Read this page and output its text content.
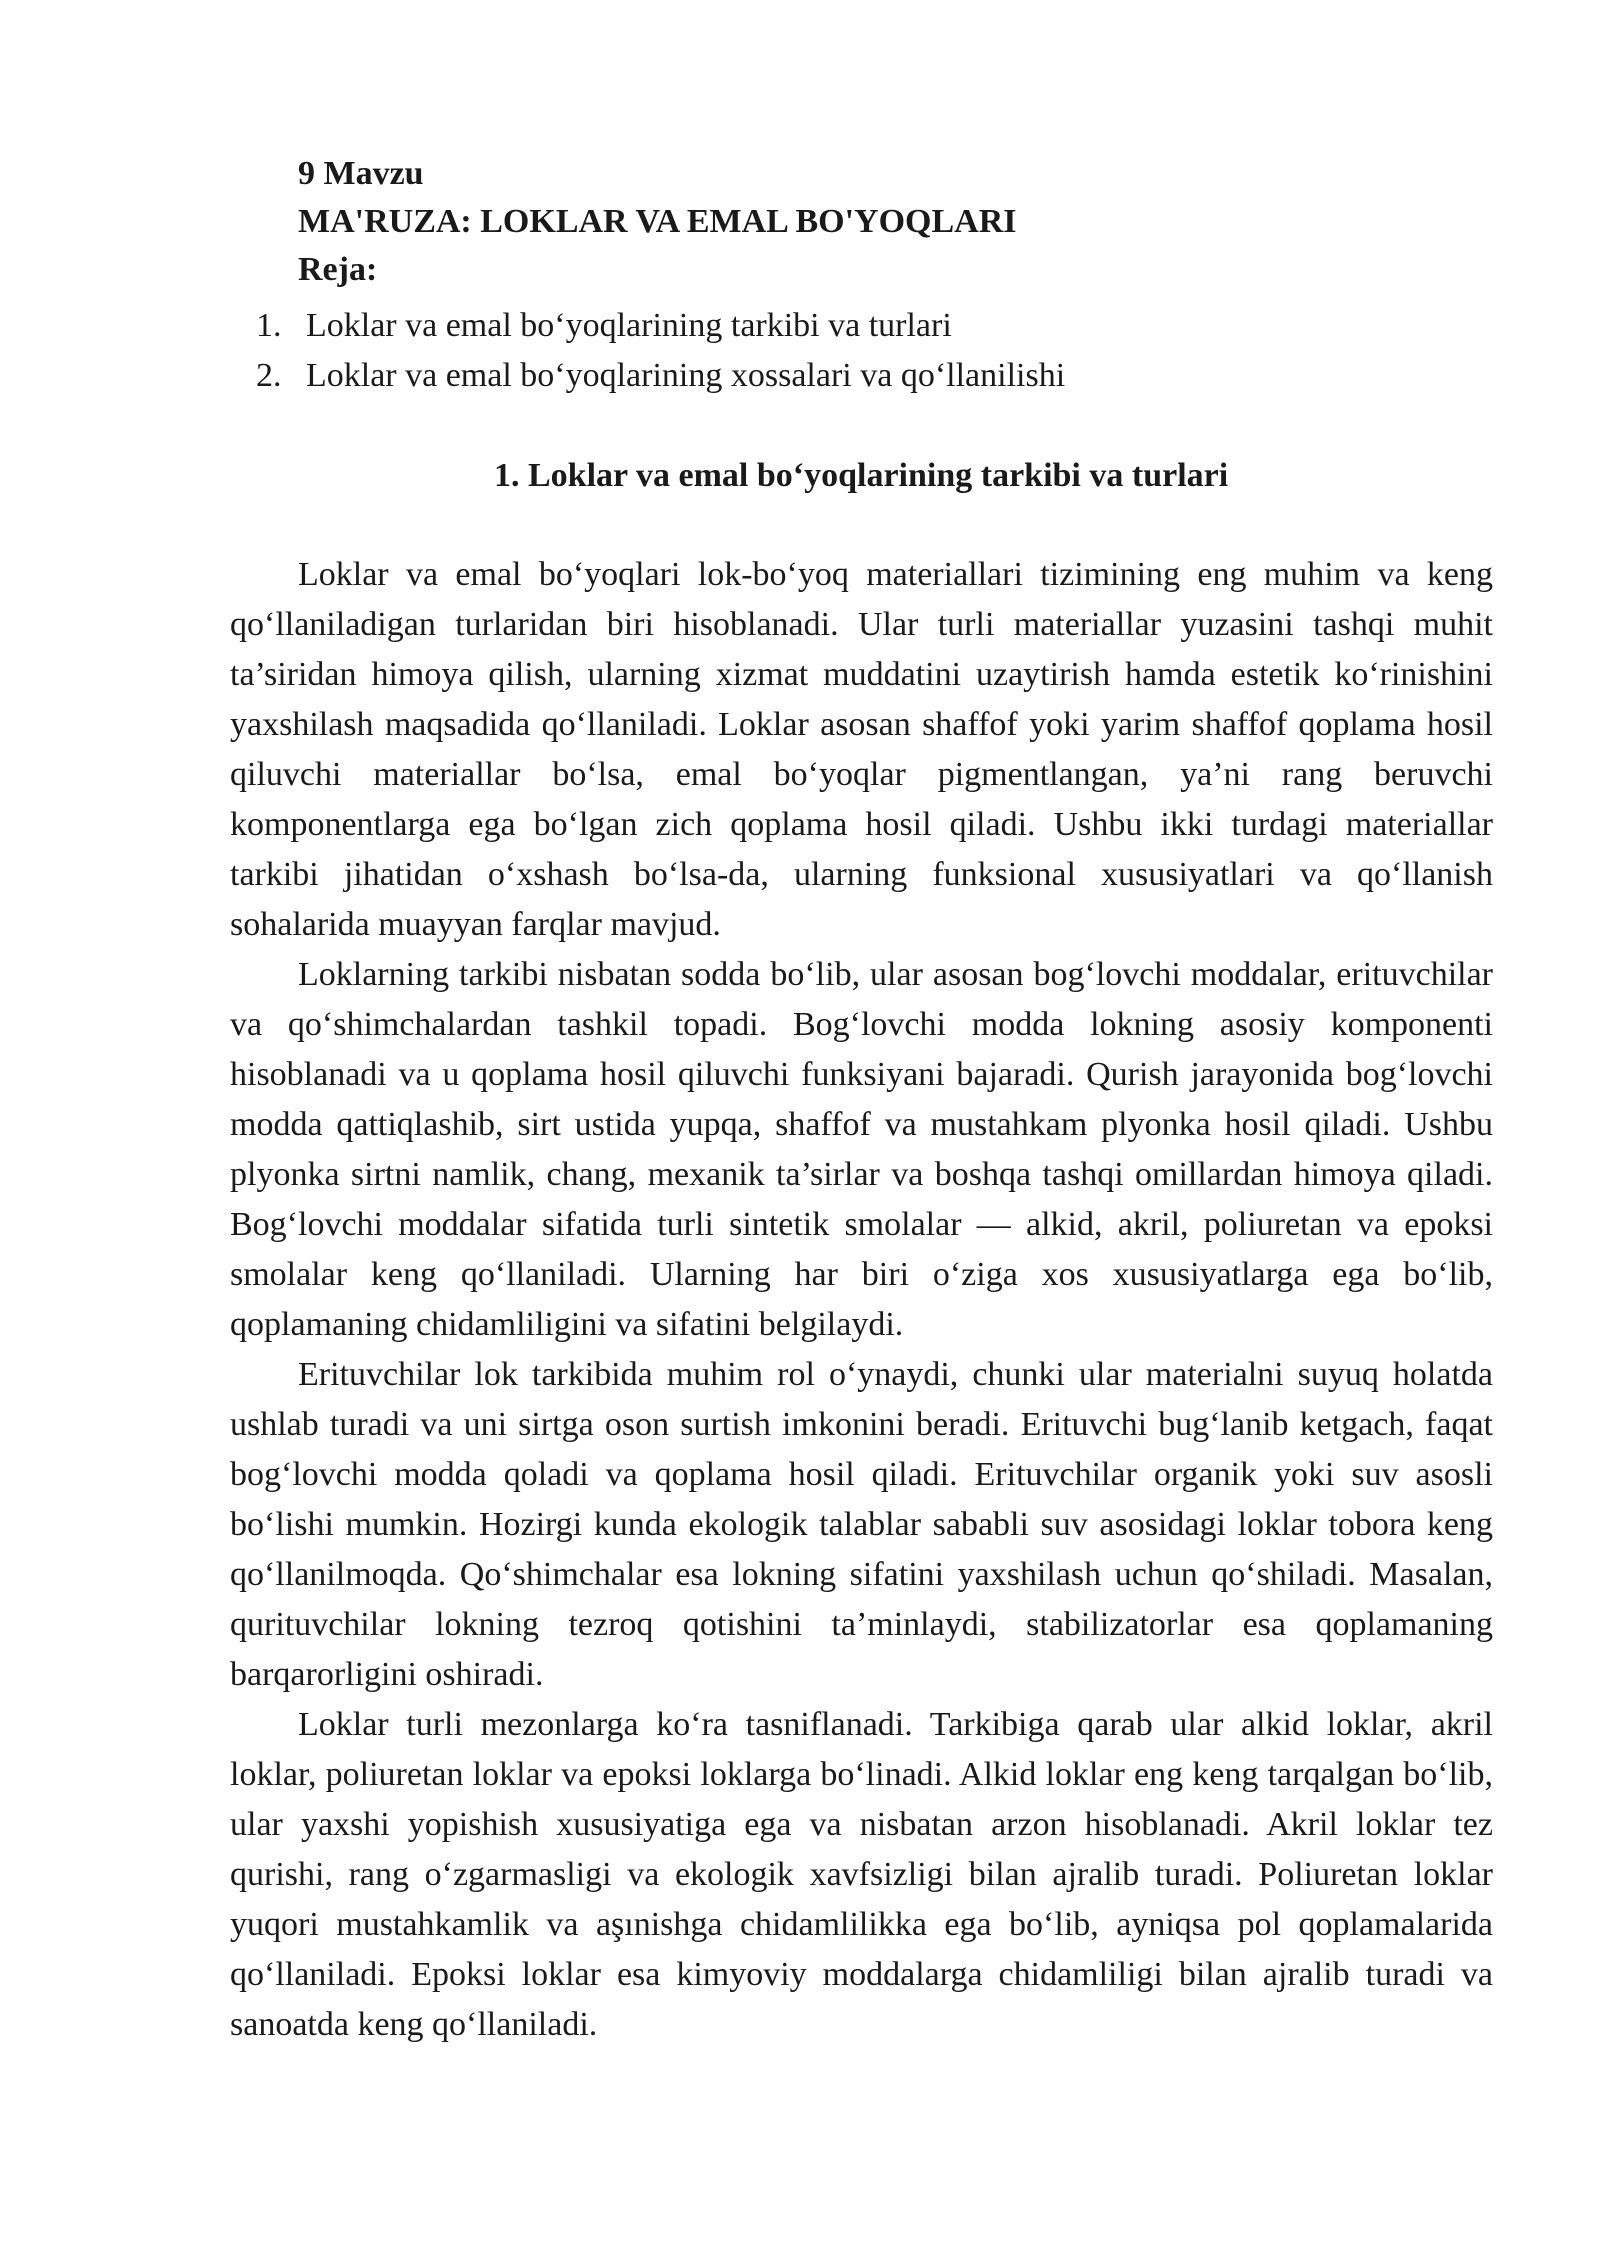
9 Mavzu
MA'RUZA: LOKLAR VA EMAL BO'YOQLARI
Reja:
1. Loklar va emal bo‘yoqlarining tarkibi va turlari
2. Loklar va emal bo‘yoqlarining xossalari va qo‘llanilishi
1. Loklar va emal bo‘yoqlarining tarkibi va turlari

Loklar va emal bo‘yoqlari lok-bo‘yoq materiallari tizimining eng muhim va keng qo‘llaniladigan turlaridan biri hisoblanadi. Ular turli materiallar yuzasini tashqi muhit ta’siridan himoya qilish, ularning xizmat muddatini uzaytirish hamda estetik ko‘rinishini yaxshilash maqsadida qo‘llaniladi. Loklar asosan shaffof yoki yarim shaffof qoplama hosil qiluvchi materiallar bo‘lsa, emal bo‘yoqlar pigmentlangan, ya’ni rang beruvchi komponentlarga ega bo‘lgan zich qoplama hosil qiladi. Ushbu ikki turdagi materiallar tarkibi jihatidan o‘xshash bo‘lsa-da, ularning funksional xususiyatlari va qo‘llanish sohalarida muayyan farqlar mavjud.

Loklarning tarkibi nisbatan sodda bo‘lib, ular asosan bog‘lovchi moddalar, erituvchilar va qo‘shimchalardan tashkil topadi. Bog‘lovchi modda lokning asosiy komponenti hisoblanadi va u qoplama hosil qiluvchi funksiyani bajaradi. Qurish jarayonida bog‘lovchi modda qattiqlashib, sirt ustida yupqa, shaffof va mustahkam plyonka hosil qiladi. Ushbu plyonka sirtni namlik, chang, mexanik ta’sirlar va boshqa tashqi omillardan himoya qiladi. Bog‘lovchi moddalar sifatida turli sintetik smolalar — alkid, akril, poliuretan va epoksi smolalar keng qo‘llaniladi. Ularning har biri o‘ziga xos xususiyatlarga ega bo‘lib, qoplamaning chidamliligini va sifatini belgilaydi.

Erituvchilar lok tarkibida muhim rol o‘ynaydi, chunki ular materialni suyuq holatda ushlab turadi va uni sirtga oson surtish imkonini beradi. Erituvchi bug‘lanib ketgach, faqat bog‘lovchi modda qoladi va qoplama hosil qiladi. Erituvchilar organik yoki suv asosli bo‘lishi mumkin. Hozirgi kunda ekologik talablar sababli suv asosidagi loklar tobora keng qo‘llanilmoqda. Qo‘shimchalar esa lokning sifatini yaxshilash uchun qo‘shiladi. Masalan, qurituvchilar lokning tezroq qotishini ta’minlaydi, stabilizatorlar esa qoplamaning barqarorligini oshiradi.

Loklar turli mezonlarga ko‘ra tasniflanadi. Tarkibiga qarab ular alkid loklar, akril loklar, poliuretan loklar va epoksi loklarga bo‘linadi. Alkid loklar eng keng tarqalgan bo‘lib, ular yaxshi yopishish xususiyatiga ega va nisbatan arzon hisoblanadi. Akril loklar tez qurishi, rang o‘zgarmasligi va ekologik xavfsizligi bilan ajralib turadi. Poliuretan loklar yuqori mustahkamlik va aşınishga chidamlilikka ega bo‘lib, ayniqsa pol qoplamalarida qo‘llaniladi. Epoksi loklar esa kimyoviy moddalarga chidamliligi bilan ajralib turadi va sanoatda keng qo‘llaniladi.
